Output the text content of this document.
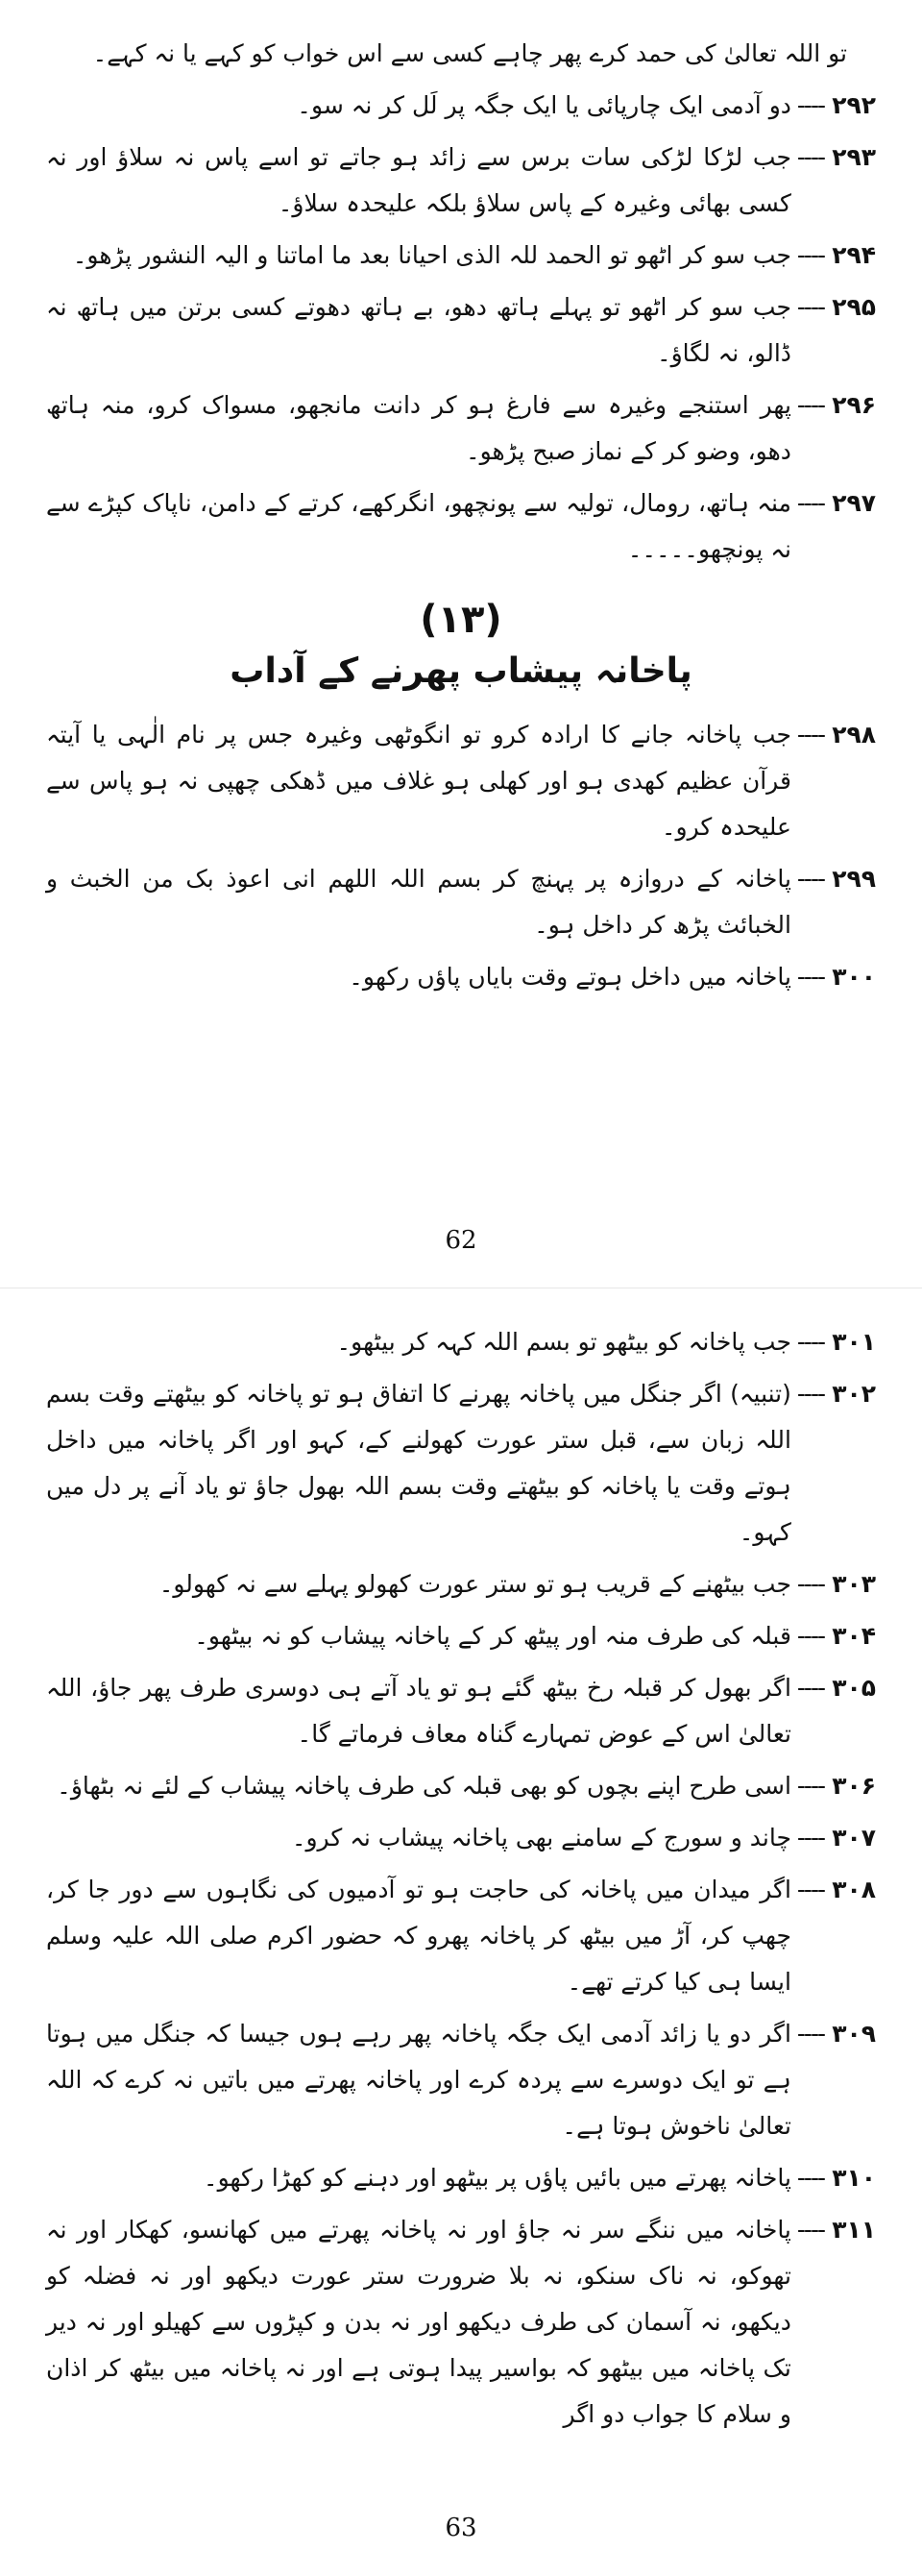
تو اللہ تعالیٰ کی حمد کرے پھر چاہے کسی سے اس خواب کو کہے یا نہ کہے۔
۲۹۲
----
دو آدمی ایک چارپائی یا ایک جگہ پر لَل کر نہ سو۔
۲۹۳
----
جب لڑکا لڑکی سات برس سے زائد ہو جاتے تو اسے پاس نہ سلاؤ اور نہ کسی بھائی وغیرہ کے پاس سلاؤ بلکہ علیحدہ سلاؤ۔
۲۹۴
----
جب سو کر اٹھو تو الحمد للہ الذی احیانا بعد ما اماتنا و الیہ النشور پڑھو۔
۲۹۵
----
جب سو کر اٹھو تو پہلے ہاتھ دھو، بے ہاتھ دھوتے کسی برتن میں ہاتھ نہ ڈالو، نہ لگاؤ۔
۲۹۶
----
پھر استنجے وغیرہ سے فارغ ہو کر دانت مانجھو، مسواک کرو، منہ ہاتھ دھو، وضو کر کے نماز صبح پڑھو۔
۲۹۷
----
منہ ہاتھ، رومال، تولیہ سے پونچھو، انگرکھے، کرتے کے دامن، ناپاک کپڑے سے نہ پونچھو۔۔۔۔۔
(۱۳)
پاخانہ پیشاب پھرنے کے آداب
۲۹۸
----
جب پاخانہ جانے کا ارادہ کرو تو انگوٹھی وغیرہ جس پر نام الٰہی یا آیتہ قرآن عظیم کھدی ہو اور کھلی ہو غلاف میں ڈھکی چھپی نہ ہو پاس سے علیحدہ کرو۔
۲۹۹
----
پاخانہ کے دروازہ پر پہنچ کر بسم اللہ اللھم انی اعوذ بک من الخبث و الخبائث پڑھ کر داخل ہو۔
۳۰۰
----
پاخانہ میں داخل ہوتے وقت بایاں پاؤں رکھو۔
62
۳۰۱
----
جب پاخانہ کو بیٹھو تو بسم اللہ کہہ کر بیٹھو۔
۳۰۲
----
(تنبیہ) اگر جنگل میں پاخانہ پھرنے کا اتفاق ہو تو پاخانہ کو بیٹھتے وقت بسم اللہ زبان سے، قبل ستر عورت کھولنے کے، کہو اور اگر پاخانہ میں داخل ہوتے وقت یا پاخانہ کو بیٹھتے وقت بسم اللہ بھول جاؤ تو یاد آنے پر دل میں کہو۔
۳۰۳
----
جب بیٹھنے کے قریب ہو تو ستر عورت کھولو پہلے سے نہ کھولو۔
۳۰۴
----
قبلہ کی طرف منہ اور پیٹھ کر کے پاخانہ پیشاب کو نہ بیٹھو۔
۳۰۵
----
اگر بھول کر قبلہ رخ بیٹھ گئے ہو تو یاد آتے ہی دوسری طرف پھر جاؤ، اللہ تعالیٰ اس کے عوض تمہارے گناہ معاف فرماتے گا۔
۳۰۶
----
اسی طرح اپنے بچوں کو بھی قبلہ کی طرف پاخانہ پیشاب کے لئے نہ بٹھاؤ۔
۳۰۷
----
چاند و سورج کے سامنے بھی پاخانہ پیشاب نہ کرو۔
۳۰۸
----
اگر میدان میں پاخانہ کی حاجت ہو تو آدمیوں کی نگاہوں سے دور جا کر، چھپ کر، آڑ میں بیٹھ کر پاخانہ پھرو کہ حضور اکرم صلی اللہ علیہ وسلم ایسا ہی کیا کرتے تھے۔
۳۰۹
----
اگر دو یا زائد آدمی ایک جگہ پاخانہ پھر رہے ہوں جیسا کہ جنگل میں ہوتا ہے تو ایک دوسرے سے پردہ کرے اور پاخانہ پھرتے میں باتیں نہ کرے کہ اللہ تعالیٰ ناخوش ہوتا ہے۔
۳۱۰
----
پاخانہ پھرتے میں بائیں پاؤں پر بیٹھو اور دہنے کو کھڑا رکھو۔
۳۱۱
----
پاخانہ میں ننگے سر نہ جاؤ اور نہ پاخانہ پھرتے میں کھانسو، کھکار اور نہ تھوکو، نہ ناک سنکو، نہ بلا ضرورت ستر عورت دیکھو اور نہ فضلہ کو دیکھو، نہ آسمان کی طرف دیکھو اور نہ بدن و کپڑوں سے کھیلو اور نہ دیر تک پاخانہ میں بیٹھو کہ بواسیر پیدا ہوتی ہے اور نہ پاخانہ میں بیٹھ کر اذان و سلام کا جواب دو اگر
63
